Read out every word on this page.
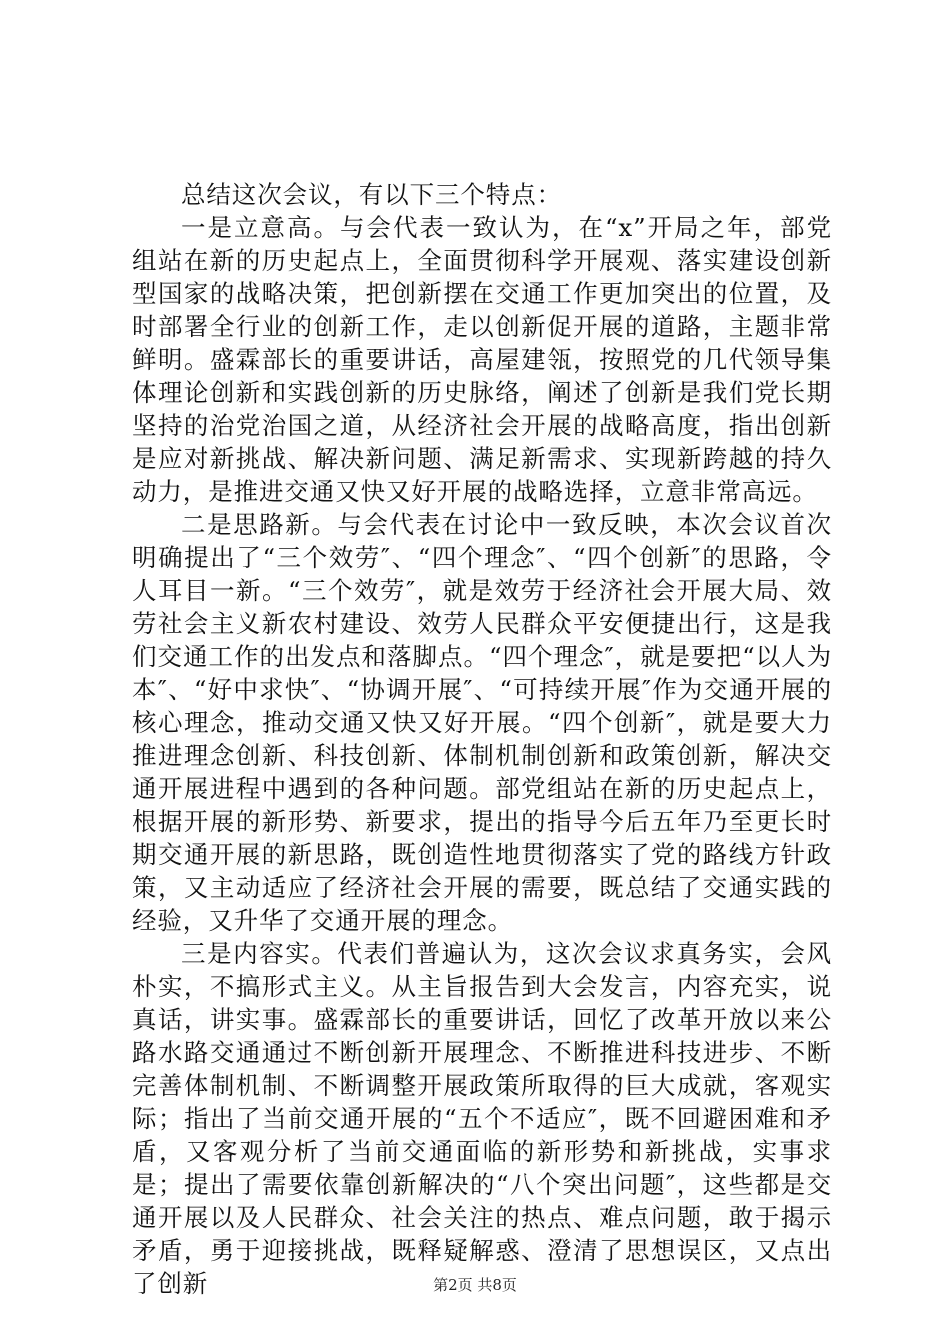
总结这次会议，有以下三个特点：

一是立意高。与会代表一致认为，在“x”开局之年，部党组站在新的历史起点上，全面贯彻科学开展观、落实建设创新型国家的战略决策，把创新摆在交通工作更加突出的位置，及时部署全行业的创新工作，走以创新促开展的道路，主题非常鲜明。盛霖部长的重要讲话，高屋建瓴，按照党的几代领导集体理论创新和实践创新的历史脉络，阐述了创新是我们党长期坚持的治党治国之道，从经济社会开展的战略高度，指出创新是应对新挑战、解决新问题、满足新需求、实现新跨越的持久动力，是推进交通又快又好开展的战略选择，立意非常高远。

二是思路新。与会代表在讨论中一致反映，本次会议首次明确提出了“三个效劳″、“四个理念″、“四个创新″的思路，令人耳目一新。“三个效劳″，就是效劳于经济社会开展大局、效劳社会主义新农村建设、效劳人民群众平安便捷出行，这是我们交通工作的出发点和落脚点。“四个理念″，就是要把“以人为本″、“好中求快″、“协调开展″、“可持续开展″作为交通开展的核心理念，推动交通又快又好开展。“四个创新″，就是要大力推进理念创新、科技创新、体制机制创新和政策创新，解决交通开展进程中遇到的各种问题。部党组站在新的历史起点上，根据开展的新形势、新要求，提出的指导今后五年乃至更长时期交通开展的新思路，既创造性地贯彻落实了党的路线方针政策，又主动适应了经济社会开展的需要，既总结了交通实践的经验，又升华了交通开展的理念。

三是内容实。代表们普遍认为，这次会议求真务实，会风朴实，不搞形式主义。从主旨报告到大会发言，内容充实，说真话，讲实事。盛霖部长的重要讲话，回忆了改革开放以来公路水路交通通过不断创新开展理念、不断推进科技进步、不断完善体制机制、不断调整开展政策所取得的巨大成就，客观实际；指出了当前交通开展的“五个不适应″，既不回避困难和矛盾，又客观分析了当前交通面临的新形势和新挑战，实事求是；提出了需要依靠创新解决的“八个突出问题″，这些都是交通开展以及人民群众、社会关注的热点、难点问题，敢于揭示矛盾，勇于迎接挑战，既释疑解惑、澄清了思想误区，又点出了创新	第2页 共8页
